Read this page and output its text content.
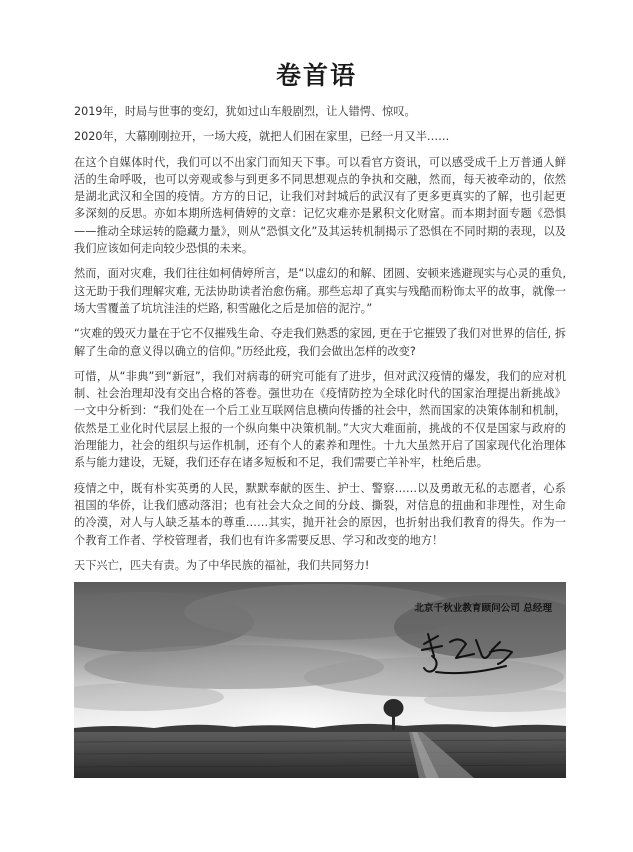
卷首语

2019年，时局与世事的变幻，犹如过山车般剧烈，让人错愕、惊叹。

2020年，大幕刚刚拉开，一场大疫，就把人们困在家里，已经一月又半……

在这个自媒体时代，我们可以不出家门而知天下事。可以看官方资讯，可以感受成千上万普通人鲜活的生命呼吸，也可以旁观或参与到更多不同思想观点的争执和交融，然而，每天被牵动的，依然是湖北武汉和全国的疫情。方方的日记，让我们对封城后的武汉有了更多更真实的了解，也引起更多深刻的反思。亦如本期所选柯倩婷的文章：记忆灾难亦是累积文化财富。而本期封面专题《恐惧——推动全球运转的隐藏力量》，则从“恐惧文化”及其运转机制揭示了恐惧在不同时期的表现，以及我们应该如何走向较少恐惧的未来。

然而，面对灾难，我们往往如柯倩婷所言，是“以虚幻的和解、团圆、安顿来逃避现实与心灵的重负, 这无助于我们理解灾难, 无法协助读者治愈伤痛。那些忘却了真实与残酷而粉饰太平的故事，就像一场大雪覆盖了坑坑洼洼的烂路, 积雪融化之后是加倍的泥泞。”

“灾难的毁灭力量在于它不仅摧残生命、夺走我们熟悉的家园, 更在于它摧毁了我们对世界的信任, 拆解了生命的意义得以确立的信仰。”历经此疫，我们会做出怎样的改变?

可惜，从“非典”到“新冠”，我们对病毒的研究可能有了进步，但对武汉疫情的爆发，我们的应对机制、社会治理却没有交出合格的答卷。强世功在《疫情防控为全球化时代的国家治理提出新挑战》一文中分析到：“我们处在一个后工业互联网信息横向传播的社会中，然而国家的决策体制和机制，依然是工业化时代层层上报的一个纵向集中决策机制。”大灾大难面前，挑战的不仅是国家与政府的治理能力，社会的组织与运作机制，还有个人的素养和理性。十九大虽然开启了国家现代化治理体系与能力建设，无疑，我们还存在诸多短板和不足，我们需要亡羊补牢，杜绝后患。

疫情之中，既有朴实英勇的人民，默默奉献的医生、护士、警察……以及勇敢无私的志愿者，心系祖国的华侨，让我们感动落泪；也有社会大众之间的分歧、撕裂，对信息的扭曲和非理性，对生命的冷漠，对人与人缺乏基本的尊重……其实，抛开社会的原因，也折射出我们教育的得失。作为一个教育工作者、学校管理者，我们也有许多需要反思、学习和改变的地方！

天下兴亡，匹夫有责。为了中华民族的福祉，我们共同努力!

北京千秋业教育顾问公司 总经理
